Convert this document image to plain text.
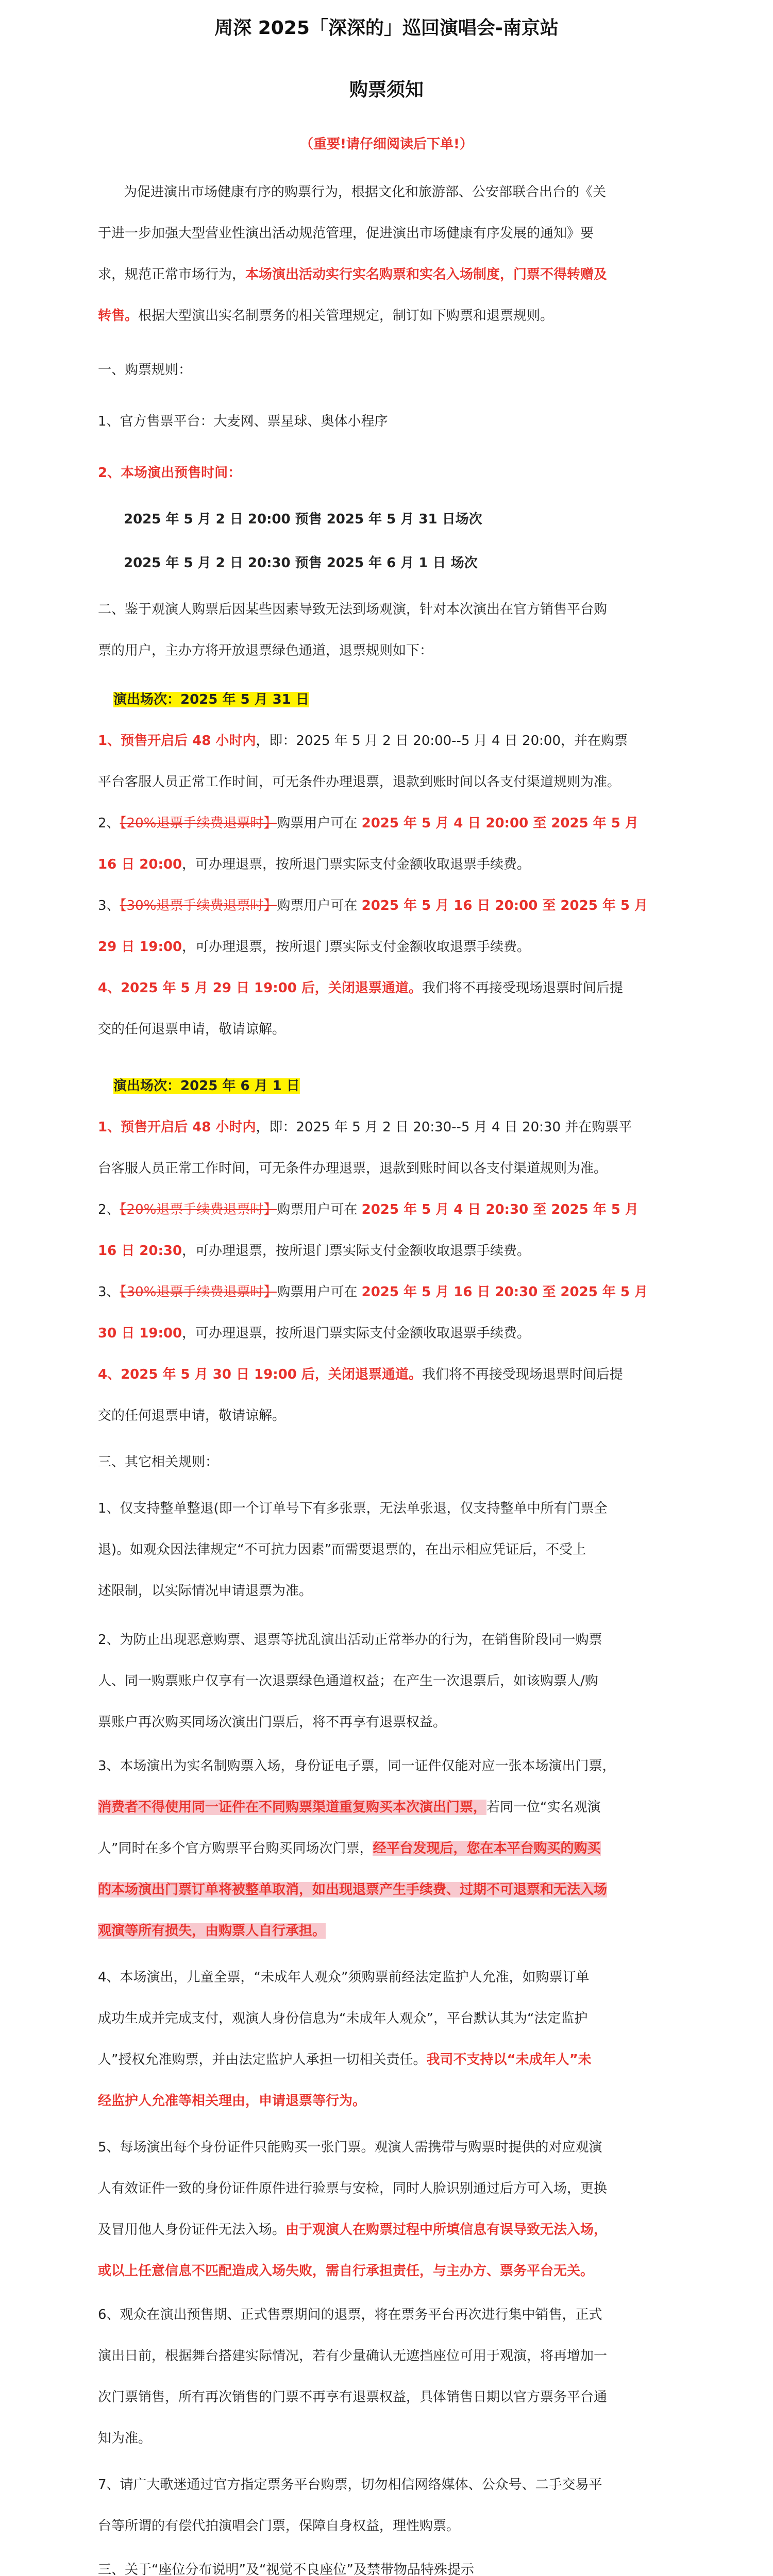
周深 2025「深深的」巡回演唱会-南京站
购票须知
（重要!请仔细阅读后下单!）
为促进演出市场健康有序的购票行为，根据文化和旅游部、公安部联合出台的《关
于进一步加强大型营业性演出活动规范管理，促进演出市场健康有序发展的通知》要
求，规范正常市场行为，本场演出活动实行实名购票和实名入场制度，门票不得转赠及
转售。根据大型演出实名制票务的相关管理规定，制订如下购票和退票规则。
一、购票规则：
1、官方售票平台：大麦网、票星球、奥体小程序
2、本场演出预售时间：
2025 年 5 月 2 日 20:00 预售 2025 年 5 月 31 日场次
2025 年 5 月 2 日 20:30 预售 2025 年 6 月 1 日 场次
二、鉴于观演人购票后因某些因素导致无法到场观演，针对本次演出在官方销售平台购
票的用户，主办方将开放退票绿色通道，退票规则如下：
演出场次：2025 年 5 月 31 日
1、预售开启后 48 小时内，即：2025 年 5 月 2 日 20:00--5 月 4 日 20:00，并在购票
平台客服人员正常工作时间，可无条件办理退票，退款到账时间以各支付渠道规则为准。
2、【20%退票手续费退票时】购票用户可在 2025 年 5 月 4 日 20:00 至 2025 年 5 月
16 日 20:00，可办理退票，按所退门票实际支付金额收取退票手续费。
3、【30%退票手续费退票时】购票用户可在 2025 年 5 月 16 日 20:00 至 2025 年 5 月
29 日 19:00，可办理退票，按所退门票实际支付金额收取退票手续费。
4、2025 年 5 月 29 日 19:00 后，关闭退票通道。我们将不再接受现场退票时间后提
交的任何退票申请，敬请谅解。
演出场次：2025 年 6 月 1 日
1、预售开启后 48 小时内，即：2025 年 5 月 2 日 20:30--5 月 4 日 20:30 并在购票平
台客服人员正常工作时间，可无条件办理退票，退款到账时间以各支付渠道规则为准。
2、【20%退票手续费退票时】购票用户可在 2025 年 5 月 4 日 20:30 至 2025 年 5 月
16 日 20:30，可办理退票，按所退门票实际支付金额收取退票手续费。
3、【30%退票手续费退票时】购票用户可在 2025 年 5 月 16 日 20:30 至 2025 年 5 月
30 日 19:00，可办理退票，按所退门票实际支付金额收取退票手续费。
4、2025 年 5 月 30 日 19:00 后，关闭退票通道。我们将不再接受现场退票时间后提
交的任何退票申请，敬请谅解。
三、其它相关规则：
1、仅支持整单整退(即一个订单号下有多张票，无法单张退，仅支持整单中所有门票全
退)。如观众因法律规定“不可抗力因素”而需要退票的，在出示相应凭证后，不受上
述限制，以实际情况申请退票为准。
2、为防止出现恶意购票、退票等扰乱演出活动正常举办的行为，在销售阶段同一购票
人、同一购票账户仅享有一次退票绿色通道权益；在产生一次退票后，如该购票人/购
票账户再次购买同场次演出门票后，将不再享有退票权益。
3、本场演出为实名制购票入场，身份证电子票，同一证件仅能对应一张本场演出门票，
消费者不得使用同一证件在不同购票渠道重复购买本次演出门票，若同一位“实名观演
人”同时在多个官方购票平台购买同场次门票，经平台发现后，您在本平台购买的购买
的本场演出门票订单将被整单取消，如出现退票产生手续费、过期不可退票和无法入场
观演等所有损失，由购票人自行承担。
4、本场演出，儿童全票，“未成年人观众”须购票前经法定监护人允准，如购票订单
成功生成并完成支付，观演人身份信息为“未成年人观众”，平台默认其为“法定监护
人”授权允准购票，并由法定监护人承担一切相关责任。我司不支持以“未成年人”未
经监护人允准等相关理由，申请退票等行为。
5、每场演出每个身份证件只能购买一张门票。观演人需携带与购票时提供的对应观演
人有效证件一致的身份证件原件进行验票与安检，同时人脸识别通过后方可入场，更换
及冒用他人身份证件无法入场。由于观演人在购票过程中所填信息有误导致无法入场，
或以上任意信息不匹配造成入场失败，需自行承担责任，与主办方、票务平台无关。
6、观众在演出预售期、正式售票期间的退票，将在票务平台再次进行集中销售，正式
演出日前，根据舞台搭建实际情况，若有少量确认无遮挡座位可用于观演，将再增加一
次门票销售，所有再次销售的门票不再享有退票权益，具体销售日期以官方票务平台通
知为准。
7、请广大歌迷通过官方指定票务平台购票，切勿相信网络媒体、公众号、二手交易平
台等所谓的有偿代拍演唱会门票，保障自身权益，理性购票。
三、关于“座位分布说明”及“视觉不良座位”及禁带物品特殊提示
